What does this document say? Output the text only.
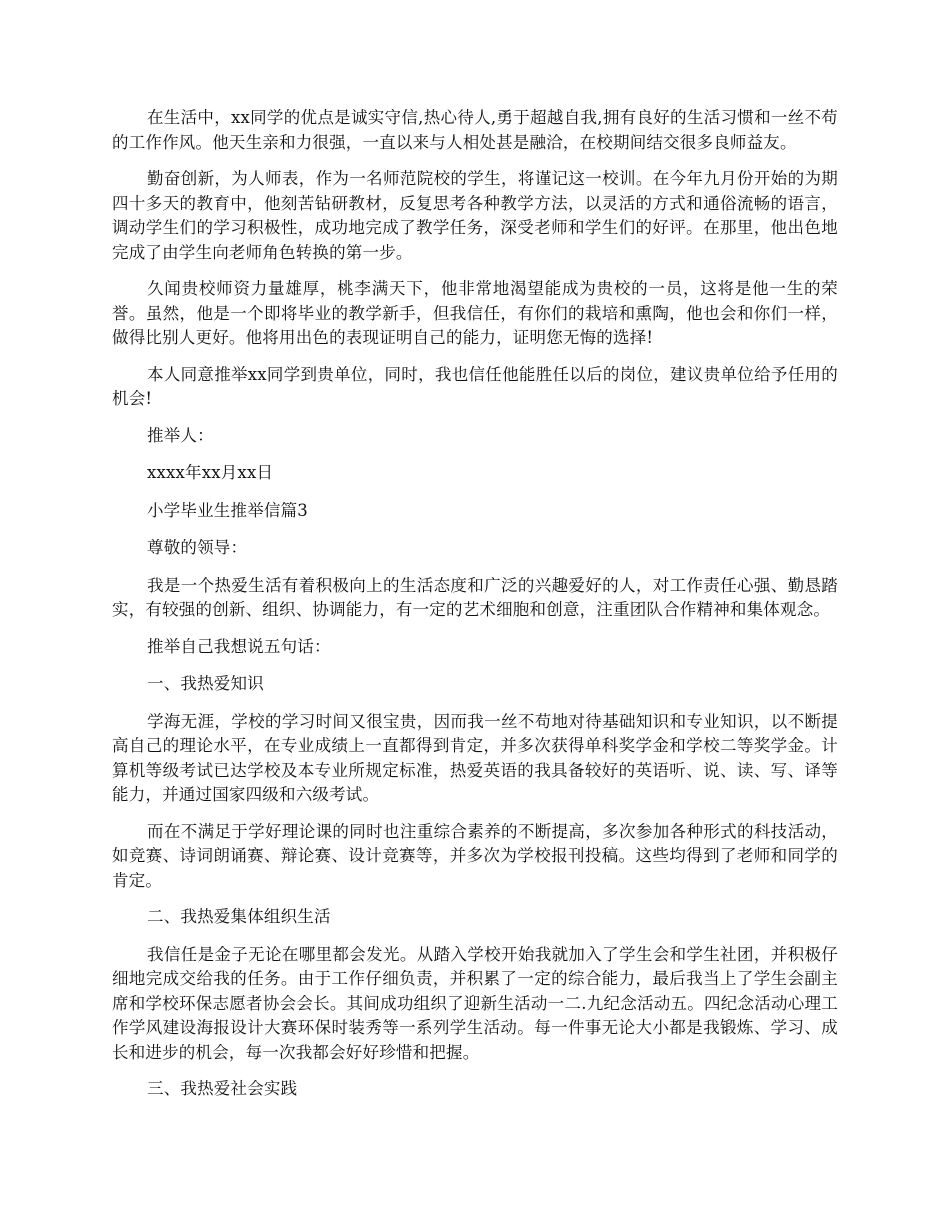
在生活中，xx同学的优点是诚实守信,热心待人,勇于超越自我,拥有良好的生活习惯和一丝不苟的工作作风。他天生亲和力很强，一直以来与人相处甚是融洽，在校期间结交很多良师益友。

勤奋创新，为人师表，作为一名师范院校的学生，将谨记这一校训。在今年九月份开始的为期四十多天的教育中，他刻苦钻研教材，反复思考各种教学方法，以灵活的方式和通俗流畅的语言，调动学生们的学习积极性，成功地完成了教学任务，深受老师和学生们的好评。在那里，他出色地完成了由学生向老师角色转换的第一步。

久闻贵校师资力量雄厚，桃李满天下，他非常地渴望能成为贵校的一员，这将是他一生的荣誉。虽然，他是一个即将毕业的教学新手，但我信任，有你们的栽培和熏陶，他也会和你们一样，做得比别人更好。他将用出色的表现证明自己的能力，证明您无悔的选择!

本人同意推举xx同学到贵单位，同时，我也信任他能胜任以后的岗位，建议贵单位给予任用的机会!

推举人：

xxxx年xx月xx日

小学毕业生推举信篇3

尊敬的领导：

我是一个热爱生活有着积极向上的生活态度和广泛的兴趣爱好的人，对工作责任心强、勤恳踏实，有较强的创新、组织、协调能力，有一定的艺术细胞和创意，注重团队合作精神和集体观念。

推举自己我想说五句话：

一、我热爱知识

学海无涯，学校的学习时间又很宝贵，因而我一丝不苟地对待基础知识和专业知识，以不断提高自己的理论水平，在专业成绩上一直都得到肯定，并多次获得单科奖学金和学校二等奖学金。计算机等级考试已达学校及本专业所规定标准，热爱英语的我具备较好的英语听、说、读、写、译等能力，并通过国家四级和六级考试。

而在不满足于学好理论课的同时也注重综合素养的不断提高，多次参加各种形式的科技活动，如竞赛、诗词朗诵赛、辩论赛、设计竞赛等，并多次为学校报刊投稿。这些均得到了老师和同学的肯定。

二、我热爱集体组织生活

我信任是金子无论在哪里都会发光。从踏入学校开始我就加入了学生会和学生社团，并积极仔细地完成交给我的任务。由于工作仔细负责，并积累了一定的综合能力，最后我当上了学生会副主席和学校环保志愿者协会会长。其间成功组织了迎新生活动一二.九纪念活动五。四纪念活动心理工作学风建设海报设计大赛环保时装秀等一系列学生活动。每一件事无论大小都是我锻炼、学习、成长和进步的机会，每一次我都会好好珍惜和把握。

三、我热爱社会实践
